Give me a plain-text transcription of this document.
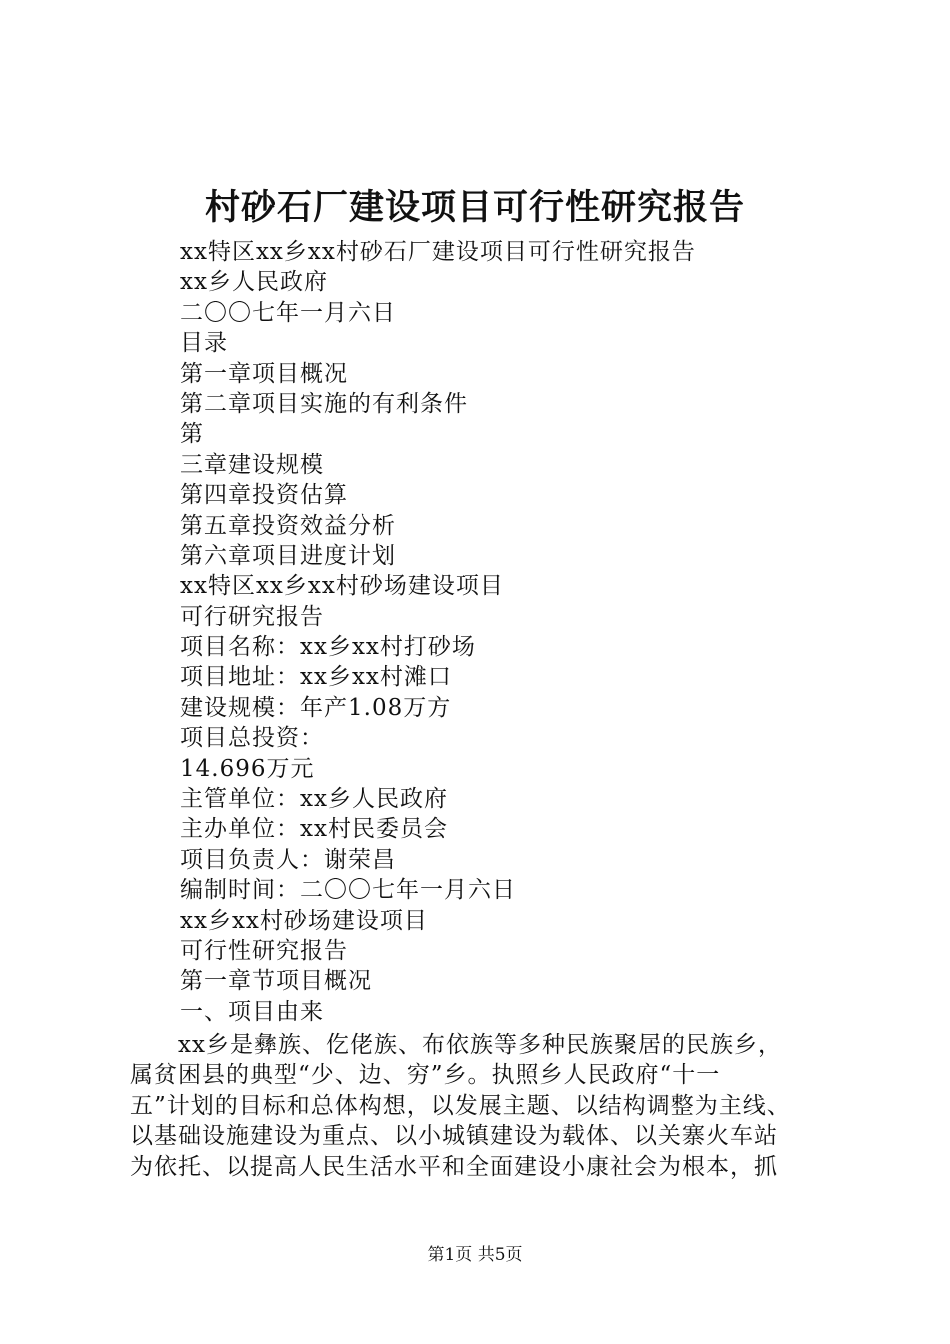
村砂石厂建设项目可行性研究报告
xx特区xx乡xx村砂石厂建设项目可行性研究报告
xx乡人民政府
二〇〇七年一月六日
目录
第一章项目概况
第二章项目实施的有利条件
第
三章建设规模
第四章投资估算
第五章投资效益分析
第六章项目进度计划
xx特区xx乡xx村砂场建设项目
可行研究报告
项目名称：xx乡xx村打砂场
项目地址：xx乡xx村滩口
建设规模：年产1.08万方
项目总投资：
14.696万元
主管单位：xx乡人民政府
主办单位：xx村民委员会
项目负责人：谢荣昌
编制时间：二〇〇七年一月六日
xx乡xx村砂场建设项目
可行性研究报告
第一章节项目概况
一、项目由来

xx乡是彝族、仡佬族、布依族等多种民族聚居的民族乡，
属贫困县的典型“少、边、穷”乡。执照乡人民政府“十一
五”计划的目标和总体构想，以发展主题、以结构调整为主线、
以基础设施建设为重点、以小城镇建设为载体、以关寨火车站
为依托、以提高人民生活水平和全面建设小康社会为根本，抓

第1页 共5页
